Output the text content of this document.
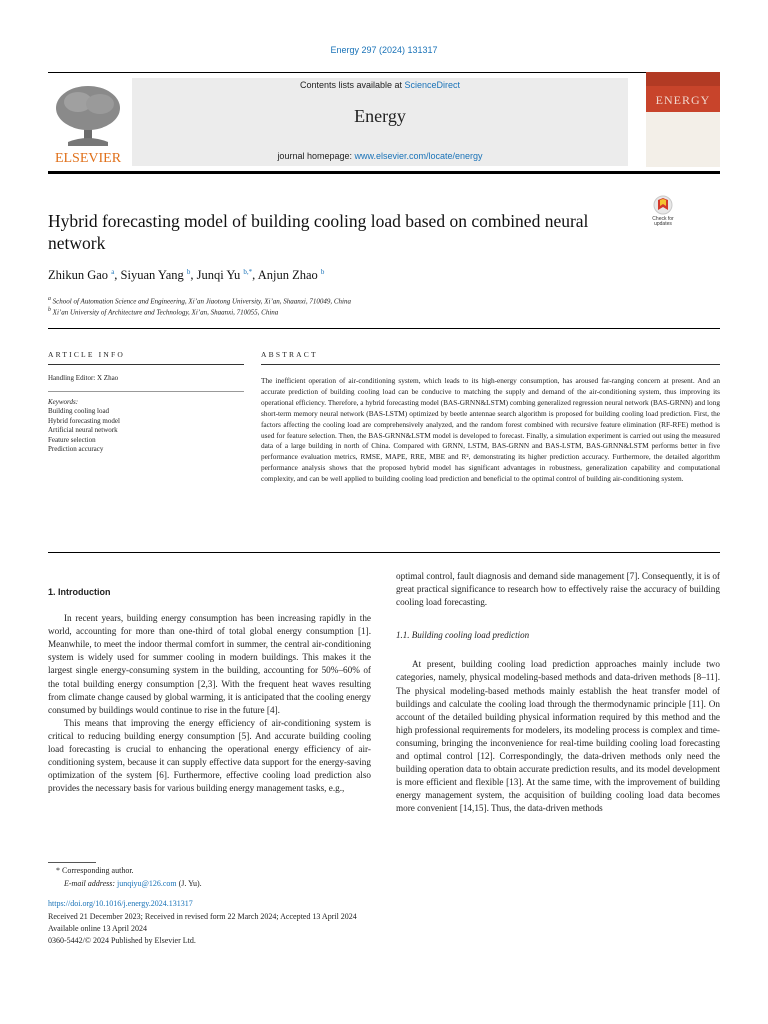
Energy 297 (2024) 131317
ELSEVIER
Contents lists available at ScienceDirect
Energy
journal homepage: www.elsevier.com/locate/energy
ENERGY
Hybrid forecasting model of building cooling load based on combined neural network
Check for
updates
Zhikun Gao $^a$, Siyuan Yang $^b$, Junqi Yu $^{b,*}$, Anjun Zhao $^b$
$^a$ School of Automation Science and Engineering, Xi’an Jiaotong University, Xi’an, Shaanxi, 710049, China
$^b$ Xi’an University of Architecture and Technology, Xi’an, Shaanxi, 710055, China
ARTICLE INFO
Handling Editor: X Zhao
Keywords:
Building cooling load
Hybrid forecasting model
Artificial neural network
Feature selection
Prediction accuracy
ABSTRACT

The inefficient operation of air-conditioning system, which leads to its high-energy consumption, has aroused far-ranging concern at present. And an accurate prediction of building cooling load can be conducive to matching the supply and demand of the air-conditioning system, thus improving its operational efficiency. Therefore, a hybrid forecasting model (BAS-GRNN&LSTM) combing generalized regression neural network (BAS-GRNN) and long short-term memory neural network (BAS-LSTM) optimized by beetle antennae search algorithm is proposed for building cooling load prediction. First, the factors affecting the cooling load are comprehensively analyzed, and the random forest combined with recursive feature elimination (RF-RFE) method is used for feature selection. Then, the BAS-GRNN&LSTM model is developed to forecast. Finally, a simulation experiment is carried out using the measured data of a large building in north of China. Compared with GRNN, LSTM, BAS-GRNN and BAS-LSTM, BAS-GRNN&LSTM performs better in five performance evaluation metrics, RMSE, MAPE, RRE, MBE and R², demonstrating its higher prediction accuracy. Furthermore, the detailed algorithm performance analysis shows that the proposed hybrid model has significant advantages in robustness, generalization capability and computational complexity, and can be well applied to building cooling load prediction and beneficial to the optimal control of building air-conditioning system.

1. Introduction

In recent years, building energy consumption has been increasing rapidly in the world, accounting for more than one-third of total global energy consumption [1]. Meanwhile, to meet the indoor thermal comfort in summer, the central air-conditioning system is widely used for summer cooling in modern buildings. This makes it the largest single energy-consuming system in the building, accounting for 50%–60% of the total building energy consumption [2,3]. With the frequent heat waves resulting from climate change caused by global warming, it is anticipated that the cooling energy consumed by buildings would continue to rise in the future [4].

This means that improving the energy efficiency of air-conditioning system is critical to reducing building energy consumption [5]. And accurate building cooling load forecasting is crucial to enhancing the operational energy efficiency of air-conditioning system, because it can supply effective data support for the energy-saving optimization of the system [6]. Furthermore, effective cooling load prediction also provides the necessary basis for various building energy management tasks, e.g.,

optimal control, fault diagnosis and demand side management [7]. Consequently, it is of great practical significance to research how to effectively raise the accuracy of building cooling load forecasting.

1.1. Building cooling load prediction

At present, building cooling load prediction approaches mainly include two categories, namely, physical modeling-based methods and data-driven methods [8–11]. The physical modeling-based methods mainly establish the heat transfer model of buildings and calculate the cooling load through the thermodynamic principle [11]. On account of the detailed building physical information required by this method and the high professional requirements for modelers, its modeling process is complex and time-consuming, bringing the inconvenience for real-time building cooling load forecasting and optimal control [12]. Correspondingly, the data-driven methods only need the building operation data to obtain accurate prediction results, and its model development is more efficient and flexible [13]. At the same time, with the improvement of building energy management system, the acquisition of building cooling load data becomes more convenient [14,15]. Thus, the data-driven methods

* Corresponding author.
E-mail address: junqiyu@126.com (J. Yu).
https://doi.org/10.1016/j.energy.2024.131317
Received 21 December 2023; Received in revised form 22 March 2024; Accepted 13 April 2024
Available online 13 April 2024
0360-5442/© 2024 Published by Elsevier Ltd.
